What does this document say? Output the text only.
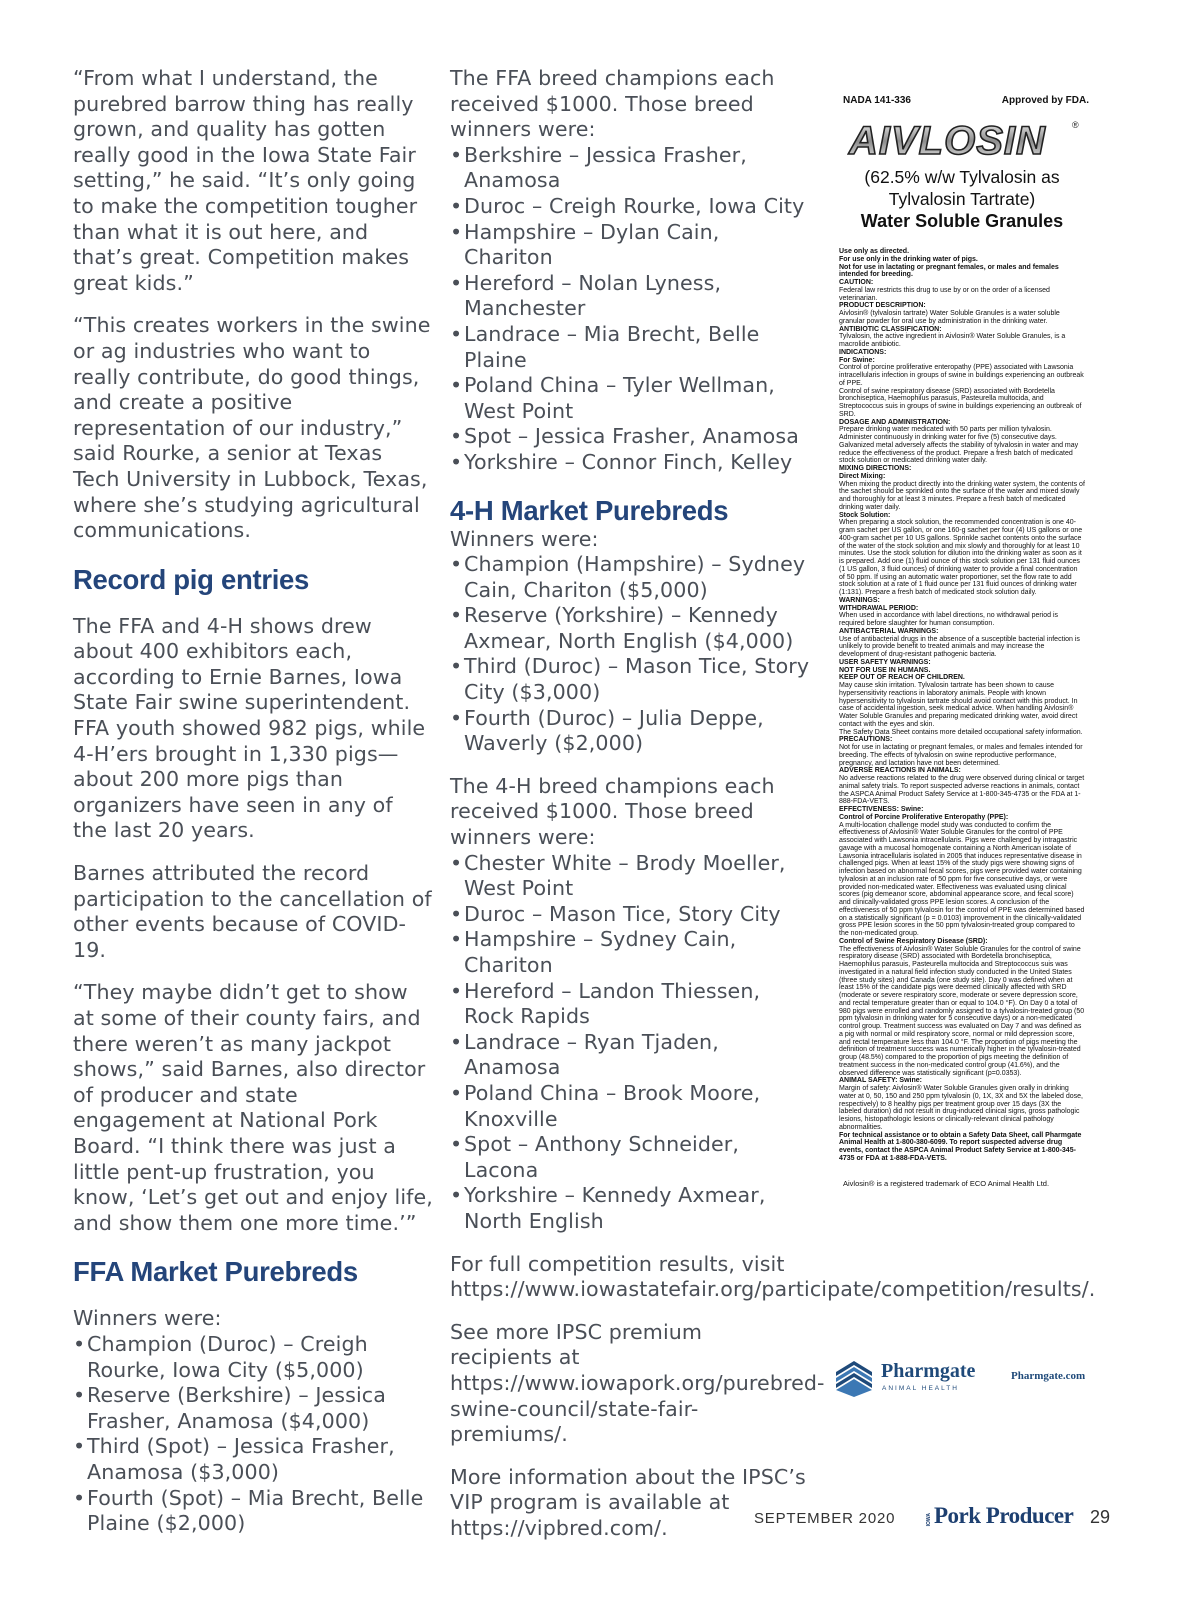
“From what I understand, the purebred barrow thing has really grown, and quality has gotten really good in the Iowa State Fair setting,” he said. “It’s only going to make the competition tougher than what it is out here, and that’s great. Competition makes great kids.”

“This creates workers in the swine or ag industries who want to really contribute, do good things, and create a positive representation of our industry,” said Rourke, a senior at Texas Tech University in Lubbock, Texas, where she’s studying agricultural communications.

Record pig entries

The FFA and 4-H shows drew about 400 exhibitors each, according to Ernie Barnes, Iowa State Fair swine superintendent. FFA youth showed 982 pigs, while 4-H’ers brought in 1,330 pigs—about 200 more pigs than organizers have seen in any of the last 20 years.

Barnes attributed the record participation to the cancellation of other events because of COVID-19.

“They maybe didn’t get to show at some of their county fairs, and there weren’t as many jackpot shows,” said Barnes, also director of producer and state engagement at National Pork Board. “I think there was just a little pent-up frustration, you know, ‘Let’s get out and enjoy life, and show them one more time.’”

FFA Market Purebreds

Winners were:

• Champion (Duroc) – Creigh Rourke, Iowa City ($5,000)
• Reserve (Berkshire) – Jessica Frasher, Anamosa ($4,000)
• Third (Spot) – Jessica Frasher, Anamosa ($3,000)
• Fourth (Spot) – Mia Brecht, Belle Plaine ($2,000)

The FFA breed champions each received $1000. Those breed winners were:

• Berkshire – Jessica Frasher, Anamosa
• Duroc – Creigh Rourke, Iowa City
• Hampshire – Dylan Cain, Chariton
• Hereford – Nolan Lyness, Manchester
• Landrace – Mia Brecht, Belle Plaine
• Poland China – Tyler Wellman, West Point
• Spot – Jessica Frasher, Anamosa
• Yorkshire – Connor Finch, Kelley
4-H Market Purebreds

Winners were:

• Champion (Hampshire) – Sydney Cain, Chariton ($5,000)
• Reserve (Yorkshire) – Kennedy Axmear, North English ($4,000)
• Third (Duroc) – Mason Tice, Story City ($3,000)
• Fourth (Duroc) – Julia Deppe, Waverly ($2,000)

The 4-H breed champions each received $1000. Those breed winners were:

• Chester White – Brody Moeller, West Point
• Duroc – Mason Tice, Story City
• Hampshire – Sydney Cain, Chariton
• Hereford – Landon Thiessen, Rock Rapids
• Landrace – Ryan Tjaden, Anamosa
• Poland China – Brook Moore, Knoxville
• Spot – Anthony Schneider, Lacona
• Yorkshire – Kennedy Axmear, North English

For full competition results, visit https://www.iowastatefair.org/participate/competition/results/.

See more IPSC premium recipients at https://www.iowapork.org/purebred-swine-council/state-fair-premiums/.

More information about the IPSC’s VIP program is available at https://vipbred.com/.

NADA 141-336	Approved by FDA.
AIVLOSIN	®
(62.5% w/w Tylvalosin as Tylvalosin Tartrate)
Water Soluble Granules
Use only as directed.
For use only in the drinking water of pigs.
Not for use in lactating or pregnant females, or males and females intended for breeding.
CAUTION:
Federal law restricts this drug to use by or on the order of a licensed veterinarian.
PRODUCT DESCRIPTION:
Aivlosin® (tylvalosin tartrate) Water Soluble Granules is a water soluble granular powder for oral use by administration in the drinking water.
ANTIBIOTIC CLASSIFICATION:
Tylvalosin, the active ingredient in Aivlosin® Water Soluble Granules, is a macrolide antibiotic.
INDICATIONS:
For Swine:
Control of porcine proliferative enteropathy (PPE) associated with Lawsonia intracellularis infection in groups of swine in buildings experiencing an outbreak of PPE.
Control of swine respiratory disease (SRD) associated with Bordetella bronchiseptica, Haemophilus parasuis, Pasteurella multocida, and Streptococcus suis in groups of swine in buildings experiencing an outbreak of SRD.
DOSAGE AND ADMINISTRATION:
Prepare drinking water medicated with 50 parts per million tylvalosin. Administer continuously in drinking water for five (5) consecutive days.
Galvanized metal adversely affects the stability of tylvalosin in water and may reduce the effectiveness of the product. Prepare a fresh batch of medicated stock solution or medicated drinking water daily.
MIXING DIRECTIONS:
Direct Mixing:
When mixing the product directly into the drinking water system, the contents of the sachet should be sprinkled onto the surface of the water and mixed slowly and thoroughly for at least 3 minutes. Prepare a fresh batch of medicated drinking water daily.
Stock Solution:
When preparing a stock solution, the recommended concentration is one 40-gram sachet per US gallon, or one 160-g sachet per four (4) US gallons or one 400-gram sachet per 10 US gallons. Sprinkle sachet contents onto the surface of the water of the stock solution and mix slowly and thoroughly for at least 10 minutes. Use the stock solution for dilution into the drinking water as soon as it is prepared. Add one (1) fluid ounce of this stock solution per 131 fluid ounces (1 US gallon, 3 fluid ounces) of drinking water to provide a final concentration of 50 ppm. If using an automatic water proportioner, set the flow rate to add stock solution at a rate of 1 fluid ounce per 131 fluid ounces of drinking water (1:131). Prepare a fresh batch of medicated stock solution daily.
WARNINGS:
WITHDRAWAL PERIOD:
When used in accordance with label directions, no withdrawal period is required before slaughter for human consumption.
ANTIBACTERIAL WARNINGS:
Use of antibacterial drugs in the absence of a susceptible bacterial infection is unlikely to provide benefit to treated animals and may increase the development of drug-resistant pathogenic bacteria.
USER SAFETY WARNINGS:
NOT FOR USE IN HUMANS.
KEEP OUT OF REACH OF CHILDREN.
May cause skin irritation. Tylvalosin tartrate has been shown to cause hypersensitivity reactions in laboratory animals. People with known hypersensitivity to tylvalosin tartrate should avoid contact with this product. In case of accidental ingestion, seek medical advice. When handling Aivlosin® Water Soluble Granules and preparing medicated drinking water, avoid direct contact with the eyes and skin.
The Safety Data Sheet contains more detailed occupational safety information.
PRECAUTIONS:
Not for use in lactating or pregnant females, or males and females intended for breeding. The effects of tylvalosin on swine reproductive performance, pregnancy, and lactation have not been determined.
ADVERSE REACTIONS IN ANIMALS:
No adverse reactions related to the drug were observed during clinical or target animal safety trials. To report suspected adverse reactions in animals, contact the ASPCA Animal Product Safety Service at 1-800-345-4735 or the FDA at 1-888-FDA-VETS.
EFFECTIVENESS: Swine:
Control of Porcine Proliferative Enteropathy (PPE):
A multi-location challenge model study was conducted to confirm the effectiveness of Aivlosin® Water Soluble Granules for the control of PPE associated with Lawsonia intracellularis. Pigs were challenged by intragastric gavage with a mucosal homogenate containing a North American isolate of Lawsonia intracellularis isolated in 2005 that induces representative disease in challenged pigs. When at least 15% of the study pigs were showing signs of infection based on abnormal fecal scores, pigs were provided water containing tylvalosin at an inclusion rate of 50 ppm for five consecutive days, or were provided non-medicated water. Effectiveness was evaluated using clinical scores (pig demeanor score, abdominal appearance score, and fecal score) and clinically-validated gross PPE lesion scores. A conclusion of the effectiveness of 50 ppm tylvalosin for the control of PPE was determined based on a statistically significant (p = 0.0103) improvement in the clinically-validated gross PPE lesion scores in the 50 ppm tylvalosin-treated group compared to the non-medicated group.
Control of Swine Respiratory Disease (SRD):
The effectiveness of Aivlosin® Water Soluble Granules for the control of swine respiratory disease (SRD) associated with Bordetella bronchiseptica, Haemophilus parasuis, Pasteurella multocida and Streptococcus suis was investigated in a natural field infection study conducted in the United States (three study sites) and Canada (one study site). Day 0 was defined when at least 15% of the candidate pigs were deemed clinically affected with SRD (moderate or severe respiratory score, moderate or severe depression score, and rectal temperature greater than or equal to 104.0 °F). On Day 0 a total of 980 pigs were enrolled and randomly assigned to a tylvalosin-treated group (50 ppm tylvalosin in drinking water for 5 consecutive days) or a non-medicated control group. Treatment success was evaluated on Day 7 and was defined as a pig with normal or mild respiratory score, normal or mild depression score, and rectal temperature less than 104.0 °F. The proportion of pigs meeting the definition of treatment success was numerically higher in the tylvalosin-treated group (48.5%) compared to the proportion of pigs meeting the definition of treatment success in the non-medicated control group (41.6%), and the observed difference was statistically significant (p=0.0353).
ANIMAL SAFETY: Swine:
Margin of safety: Aivlosin® Water Soluble Granules given orally in drinking water at 0, 50, 150 and 250 ppm tylvalosin (0, 1X, 3X and 5X the labeled dose, respectively) to 8 healthy pigs per treatment group over 15 days (3X the labeled duration) did not result in drug-induced clinical signs, gross pathologic lesions, histopathologic lesions or clinically-relevant clinical pathology abnormalities.
For technical assistance or to obtain a Safety Data Sheet, call Pharmgate Animal Health at 1-800-380-6099. To report suspected adverse drug events, contact the ASPCA Animal Product Safety Service at 1-800-345-4735 or FDA at 1-888-FDA-VETS.
Aivlosin® is a registered trademark of ECO Animal Health Ltd.
Pharmgate
ANIMAL HEALTH
Pharmgate.com
SEPTEMBER 2020	IOWA Pork Producer 29
